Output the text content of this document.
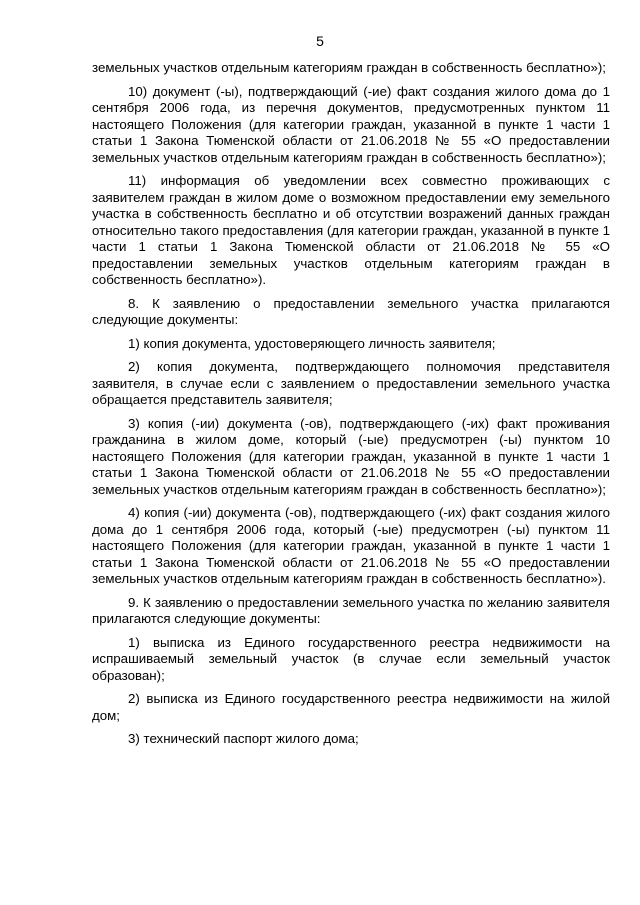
5

земельных участков отдельным категориям граждан в собственность бесплатно»);

10) документ (-ы), подтверждающий (-ие) факт создания жилого дома до 1 сентября 2006 года, из перечня документов, предусмотренных пунктом 11 настоящего Положения (для категории граждан, указанной в пункте 1 части 1 статьи 1 Закона Тюменской области от 21.06.2018 № 55 «О предоставлении земельных участков отдельным категориям граждан в собственность бесплатно»);

11) информация об уведомлении всех совместно проживающих с заявителем граждан в жилом доме о возможном предоставлении ему земельного участка в собственность бесплатно и об отсутствии возражений данных граждан относительно такого предоставления (для категории граждан, указанной в пункте 1 части 1 статьи 1 Закона Тюменской области от 21.06.2018 № 55 «О предоставлении земельных участков отдельным категориям граждан в собственность бесплатно»).

8. К заявлению о предоставлении земельного участка прилагаются следующие документы:

1) копия документа, удостоверяющего личность заявителя;

2) копия документа, подтверждающего полномочия представителя заявителя, в случае если с заявлением о предоставлении земельного участка обращается представитель заявителя;

3) копия (-ии) документа (-ов), подтверждающего (-их) факт проживания гражданина в жилом доме, который (-ые) предусмотрен (-ы) пунктом 10 настоящего Положения (для категории граждан, указанной в пункте 1 части 1 статьи 1 Закона Тюменской области от 21.06.2018 № 55 «О предоставлении земельных участков отдельным категориям граждан в собственность бесплатно»);

4) копия (-ии) документа (-ов), подтверждающего (-их) факт создания жилого дома до 1 сентября 2006 года, который (-ые) предусмотрен (-ы) пунктом 11 настоящего Положения (для категории граждан, указанной в пункте 1 части 1 статьи 1 Закона Тюменской области от 21.06.2018 № 55 «О предоставлении земельных участков отдельным категориям граждан в собственность бесплатно»).

9. К заявлению о предоставлении земельного участка по желанию заявителя прилагаются следующие документы:

1) выписка из Единого государственного реестра недвижимости на испрашиваемый земельный участок (в случае если земельный участок образован);

2) выписка из Единого государственного реестра недвижимости на жилой дом;

3) технический паспорт жилого дома;
